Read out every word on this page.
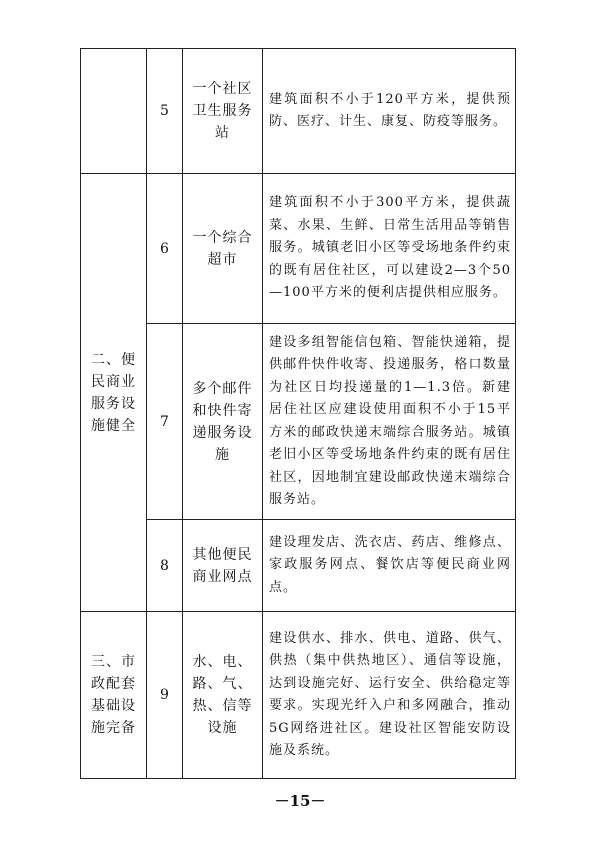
	5	一个社区卫生服务站	建筑面积不小于120平方米，提供预防、医疗、计生、康复、防疫等服务。

二、便民商业服务设施健全	6	一个综合超市	建筑面积不小于300平方米，提供蔬菜、水果、生鲜、日常生活用品等销售服务。城镇老旧小区等受场地条件约束的既有居住社区，可以建设2—3个50—100平方米的便利店提供相应服务。

	7	多个邮件和快件寄递服务设施	建设多组智能信包箱、智能快递箱，提供邮件快件收寄、投递服务，格口数量为社区日均投递量的1—1.3倍。新建居住社区应建设使用面积不小于15平方米的邮政快递末端综合服务站。城镇老旧小区等受场地条件约束的既有居住社区，因地制宜建设邮政快递末端综合服务站。

	8	其他便民商业网点	建设理发店、洗衣店、药店、维修点、家政服务网点、餐饮店等便民商业网点。

三、市政配套基础设施完备	9	水、电、路、气、热、信等设施	建设供水、排水、供电、道路、供气、供热（集中供热地区）、通信等设施，达到设施完好、运行安全、供给稳定等要求。实现光纤入户和多网融合，推动5G网络进社区。建设社区智能安防设施及系统。
－15－
